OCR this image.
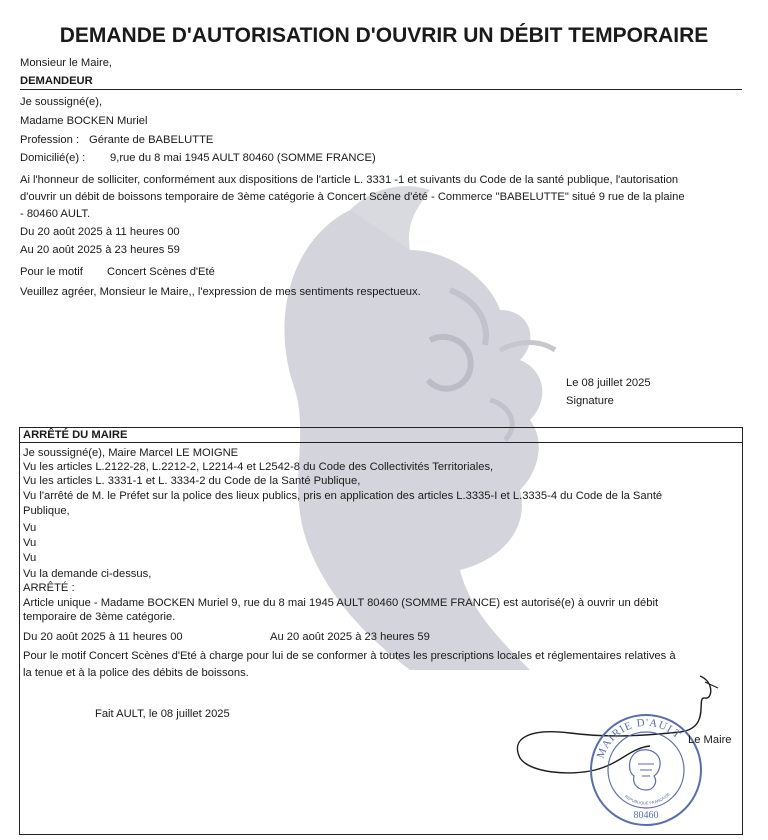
DEMANDE D'AUTORISATION D'OUVRIR UN DÉBIT TEMPORAIRE
Monsieur le Maire,
DEMANDEUR
Je soussigné(e),
Madame BOCKEN Muriel
Profession : Gérante de BABELUTTE
Domicilié(e) : 9,rue du 8 mai 1945 AULT 80460 (SOMME FRANCE)
Ai l'honneur de solliciter, conformément aux dispositions de l'article L. 3331 -1 et suivants du Code de la santé publique, l'autorisation
d'ouvrir un débit de boissons temporaire de 3ème catégorie à Concert Scène d'été - Commerce "BABELUTTE" situé 9 rue de la plaine
- 80460 AULT.
Du 20 août 2025 à 11 heures 00
Au 20 août 2025 à 23 heures 59
Pour le motif Concert Scènes d'Eté
Veuillez agréer, Monsieur le Maire,, l'expression de mes sentiments respectueux.
Le 08 juillet 2025
Signature
ARRÊTÉ DU MAIRE
Je soussigné(e), Maire Marcel LE MOIGNE
Vu les articles L.2122-28, L.2212-2, L2214-4 et L2542-8 du Code des Collectivités Territoriales,
Vu les articles L. 3331-1 et L. 3334-2 du Code de la Santé Publique,
Vu l'arrêté de M. le Préfet sur la police des lieux publics, pris en application des articles L.3335-I et L.3335-4 du Code de la Santé
Publique,
Vu
Vu
Vu
Vu la demande ci-dessus,
ARRÊTÉ :
Article unique - Madame BOCKEN Muriel 9, rue du 8 mai 1945 AULT 80460 (SOMME FRANCE) est autorisé(e) à ouvrir un débit
temporaire de 3ème catégorie.
Du 20 août 2025 à 11 heures 00	Au 20 août 2025 à 23 heures 59
Pour le motif Concert Scènes d'Eté à charge pour lui de se conformer à toutes les prescriptions locales et réglementaires relatives à
la tenue et à la police des débits de boissons.
Fait AULT, le 08 juillet 2025
MAIRIE D'AULT
RÉPUBLIQUE FRANÇAISE
80460
Le Maire
